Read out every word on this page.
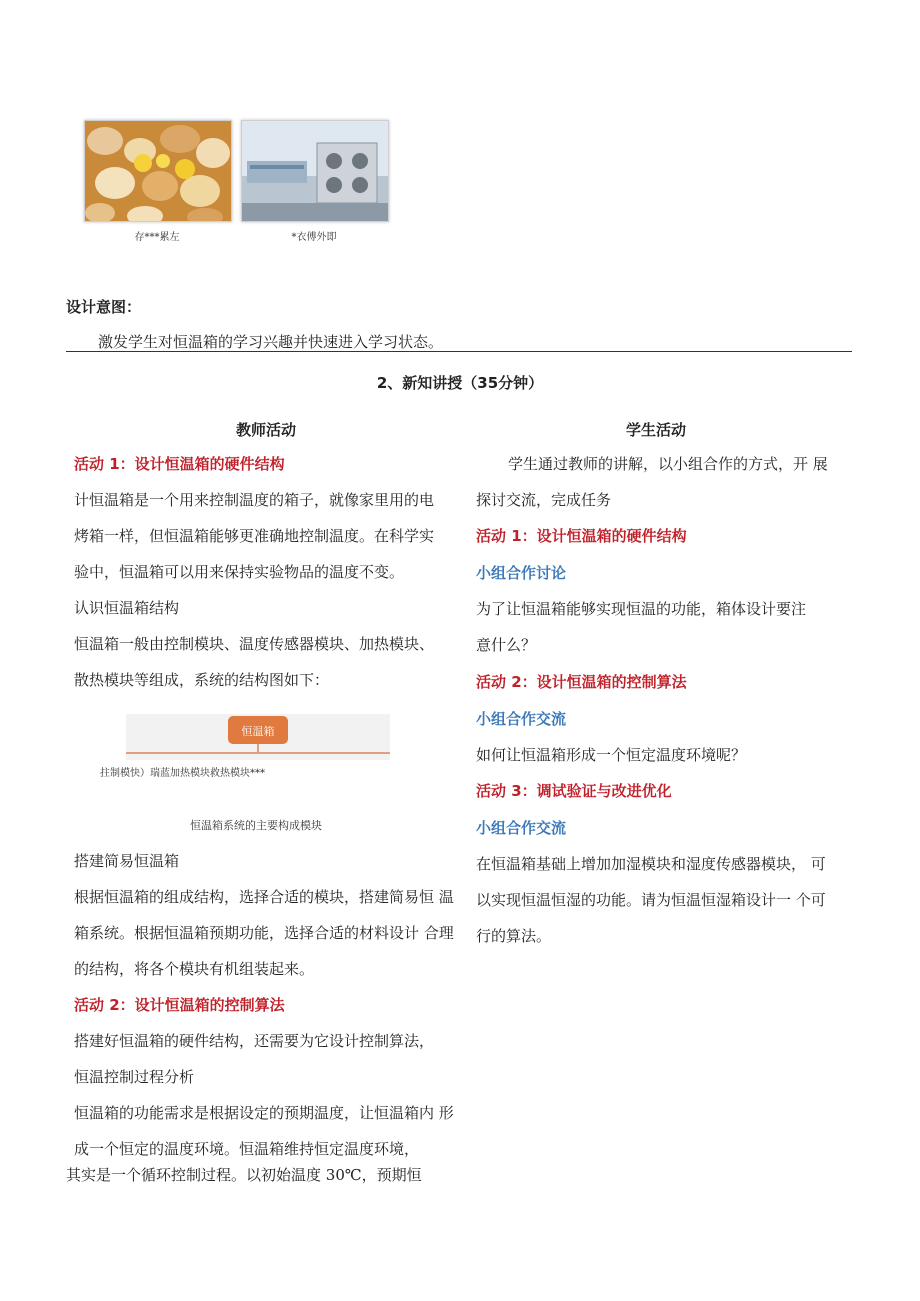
存***累左	*衣傅外即
设计意图：
激发学生对恒温箱的学习兴趣并快速进入学习状态。
2、新知讲授（35分钟）
教师活动	学生活动
活动 1：设计恒温箱的硬件结构
计恒温箱是一个用来控制温度的箱子，就像家里用的电
烤箱一样，但恒温箱能够更准确地控制温度。在科学实
验中，恒温箱可以用来保持实验物品的温度不变。
认识恒温箱结构
恒温箱一般由控制模块、温度传感器模块、加热模块、
散热模块等组成，系统的结构图如下：
恒温箱
拄制模快）瑞蓝加热模块救热模块***
恒温箱系统的主要构成模块
搭建简易恒温箱
根据恒温箱的组成结构，选择合适的模块，搭建简易恒 温
箱系统。根据恒温箱预期功能，选择合适的材料设计 合理
的结构，将各个模块有机组装起来。
活动 2：设计恒温箱的控制算法
搭建好恒温箱的硬件结构，还需要为它设计控制算法，
恒温控制过程分析
恒温箱的功能需求是根据设定的预期温度，让恒温箱内 形
成一个恒定的温度环境。恒温箱维持恒定温度环境，
其实是一个循环控制过程。以初始温度 30℃，预期恒
学生通过教师的讲解，以小组合作的方式，开 展
探讨交流，完成任务
活动 1：设计恒温箱的硬件结构
小组合作讨论
为了让恒温箱能够实现恒温的功能，箱体设计要注
意什么？
活动 2：设计恒温箱的控制算法
小组合作交流
如何让恒温箱形成一个恒定温度环境呢？
活动 3：调试验证与改进优化
小组合作交流
在恒温箱基础上增加加湿模块和湿度传感器模块， 可
以实现恒温恒湿的功能。请为恒温恒湿箱设计一 个可
行的算法。
